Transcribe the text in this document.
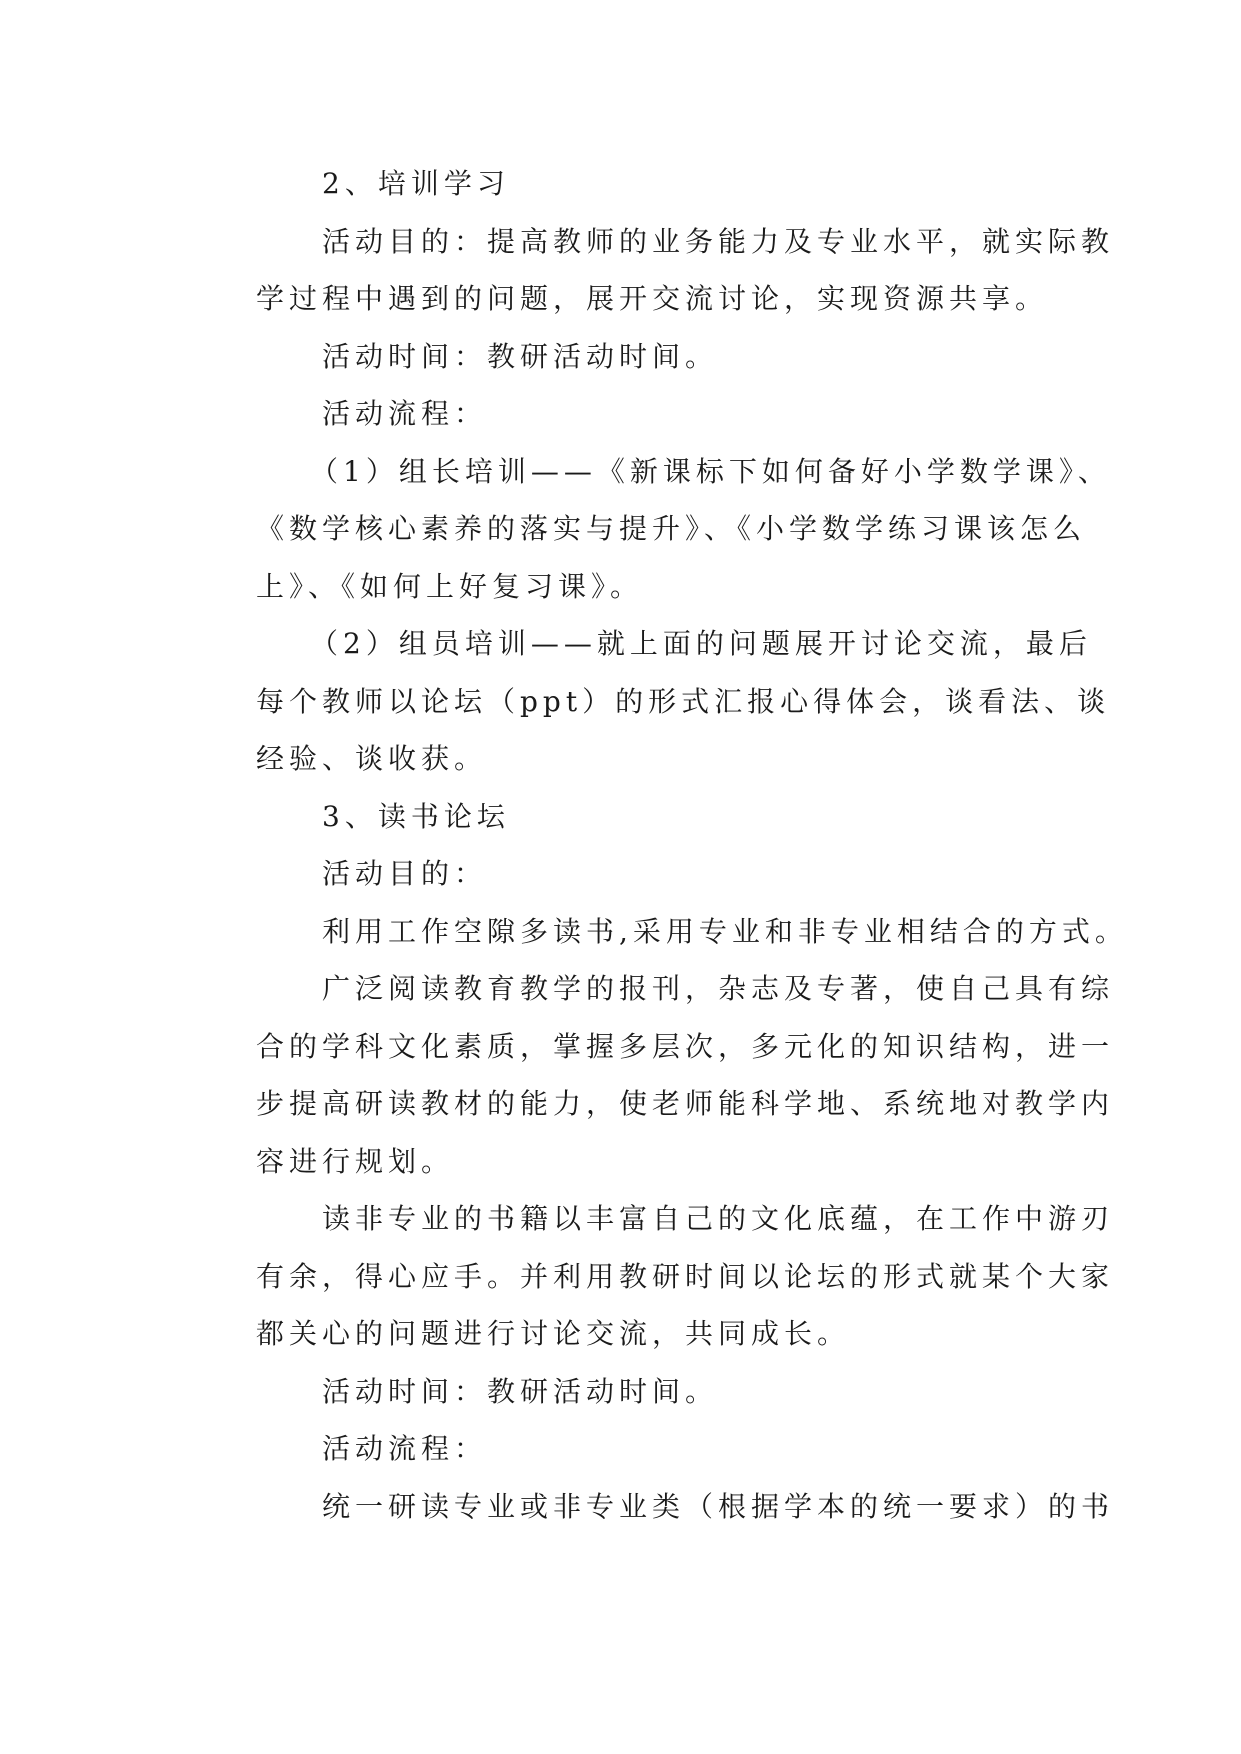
2、培训学习
活动目的：提高教师的业务能力及专业水平，就实际教
学过程中遇到的问题，展开交流讨论，实现资源共享。
活动时间：教研活动时间。
活动流程：
（1）组长培训——《新课标下如何备好小学数学课》、
《数学核心素养的落实与提升》、《小学数学练习课该怎么
上》、《如何上好复习课》。
（2）组员培训——就上面的问题展开讨论交流，最后
每个教师以论坛（ppt）的形式汇报心得体会，谈看法、谈
经验、谈收获。
3、读书论坛
活动目的：
利用工作空隙多读书,采用专业和非专业相结合的方式。
广泛阅读教育教学的报刊，杂志及专著，使自己具有综
合的学科文化素质，掌握多层次，多元化的知识结构，进一
步提高研读教材的能力，使老师能科学地、系统地对教学内
容进行规划。
读非专业的书籍以丰富自己的文化底蕴，在工作中游刃
有余，得心应手。并利用教研时间以论坛的形式就某个大家
都关心的问题进行讨论交流，共同成长。
活动时间：教研活动时间。
活动流程：
统一研读专业或非专业类（根据学本的统一要求）的书
